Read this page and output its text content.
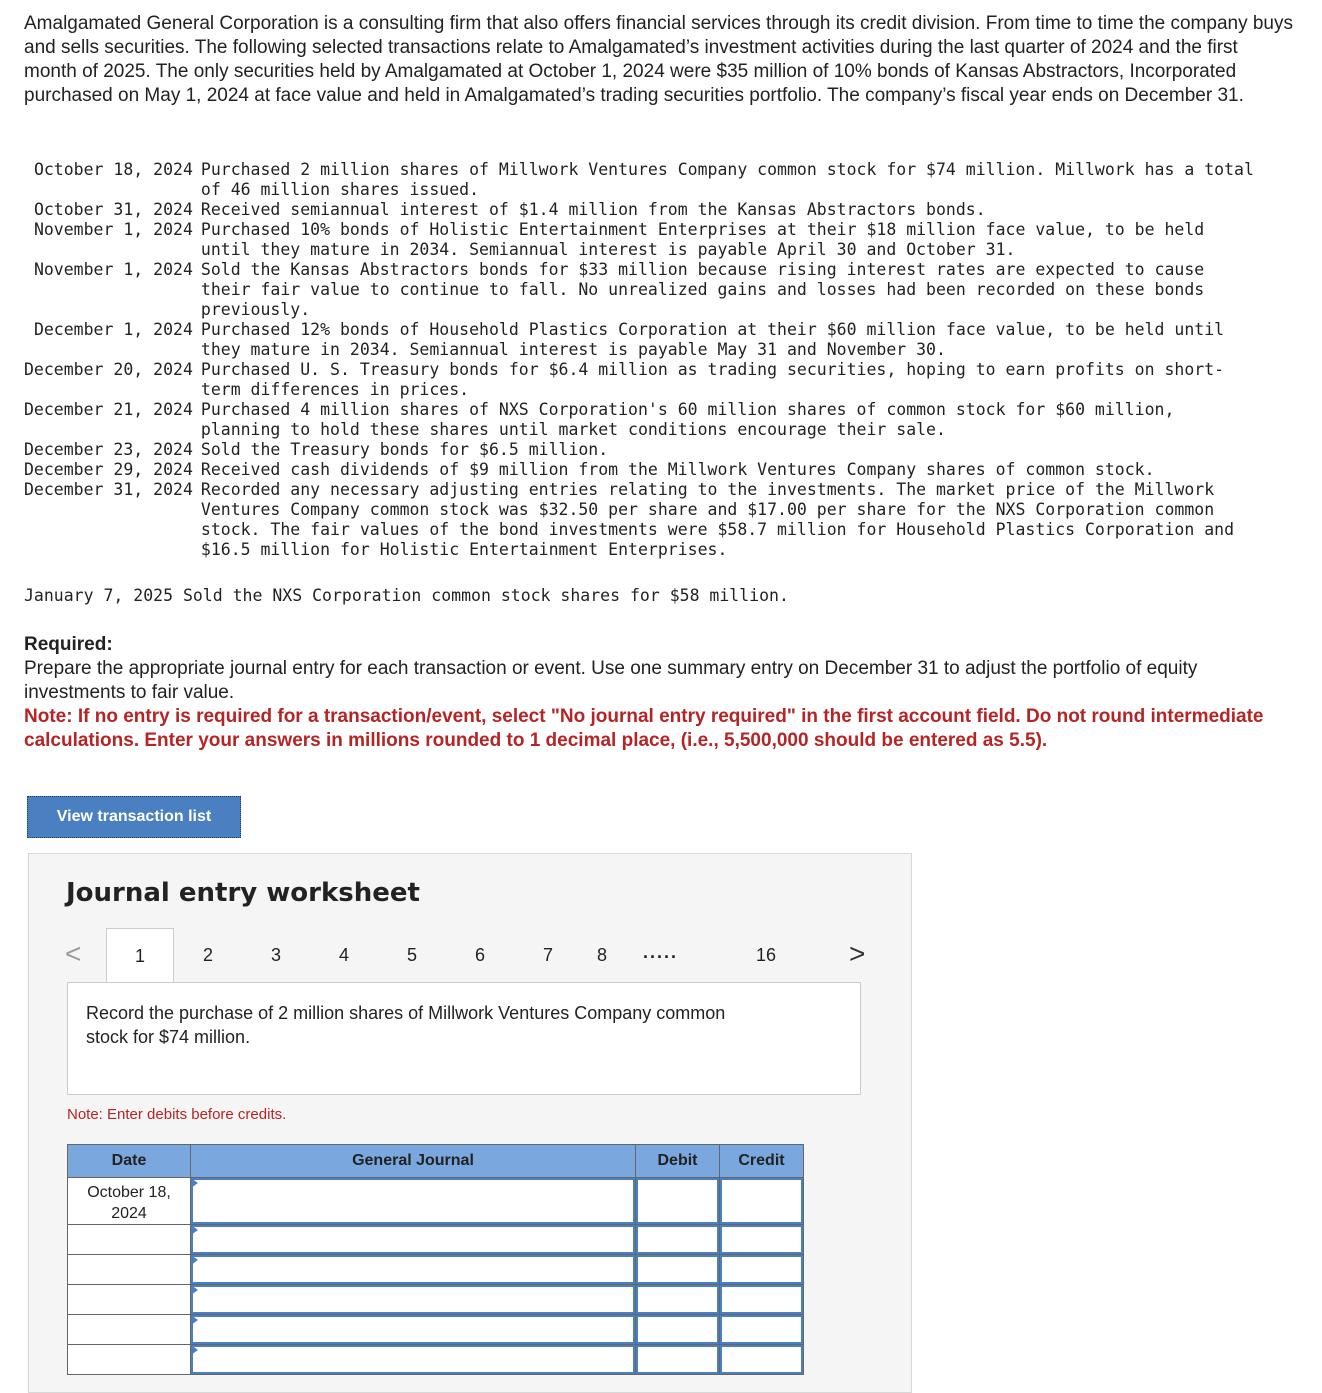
Amalgamated General Corporation is a consulting firm that also offers financial services through its credit division. From time to time the company buys and sells securities. The following selected transactions relate to Amalgamated’s investment activities during the last quarter of 2024 and the first month of 2025. The only securities held by Amalgamated at October 1, 2024 were $35 million of 10% bonds of Kansas Abstractors, Incorporated purchased on May 1, 2024 at face value and held in Amalgamated’s trading securities portfolio. The company’s fiscal year ends on December 31.
October 18, 2024	Purchased 2 million shares of Millwork Ventures Company common stock for $74 million. Millwork has a total of 46 million shares issued.
October 31, 2024	Received semiannual interest of $1.4 million from the Kansas Abstractors bonds.
November 1, 2024	Purchased 10% bonds of Holistic Entertainment Enterprises at their $18 million face value, to be held until they mature in 2034. Semiannual interest is payable April 30 and October 31.
November 1, 2024	Sold the Kansas Abstractors bonds for $33 million because rising interest rates are expected to cause their fair value to continue to fall. No unrealized gains and losses had been recorded on these bonds previously.
December 1, 2024	Purchased 12% bonds of Household Plastics Corporation at their $60 million face value, to be held until they mature in 2034. Semiannual interest is payable May 31 and November 30.
December 20, 2024	Purchased U. S. Treasury bonds for $6.4 million as trading securities, hoping to earn profits on short-term differences in prices.
December 21, 2024	Purchased 4 million shares of NXS Corporation's 60 million shares of common stock for $60 million, planning to hold these shares until market conditions encourage their sale.
December 23, 2024	Sold the Treasury bonds for $6.5 million.
December 29, 2024	Received cash dividends of $9 million from the Millwork Ventures Company shares of common stock.
December 31, 2024	Recorded any necessary adjusting entries relating to the investments. The market price of the Millwork Ventures Company common stock was $32.50 per share and $17.00 per share for the NXS Corporation common stock. The fair values of the bond investments were $58.7 million for Household Plastics Corporation and $16.5 million for Holistic Entertainment Enterprises.
January 7, 2025 Sold the NXS Corporation common stock shares for $58 million.
Required:
Prepare the appropriate journal entry for each transaction or event. Use one summary entry on December 31 to adjust the portfolio of equity investments to fair value.
Note: If no entry is required for a transaction/event, select "No journal entry required" in the first account field. Do not round intermediate calculations. Enter your answers in millions rounded to 1 decimal place, (i.e., 5,500,000 should be entered as 5.5).
View transaction list
Journal entry worksheet
<	1	2	3	4	5	6	7	8	.....	16	>
Record the purchase of 2 million shares of Millwork Ventures Company common stock for $74 million.
Note: Enter debits before credits.
Date	General Journal	Debit	Credit
October 18, 2024	
